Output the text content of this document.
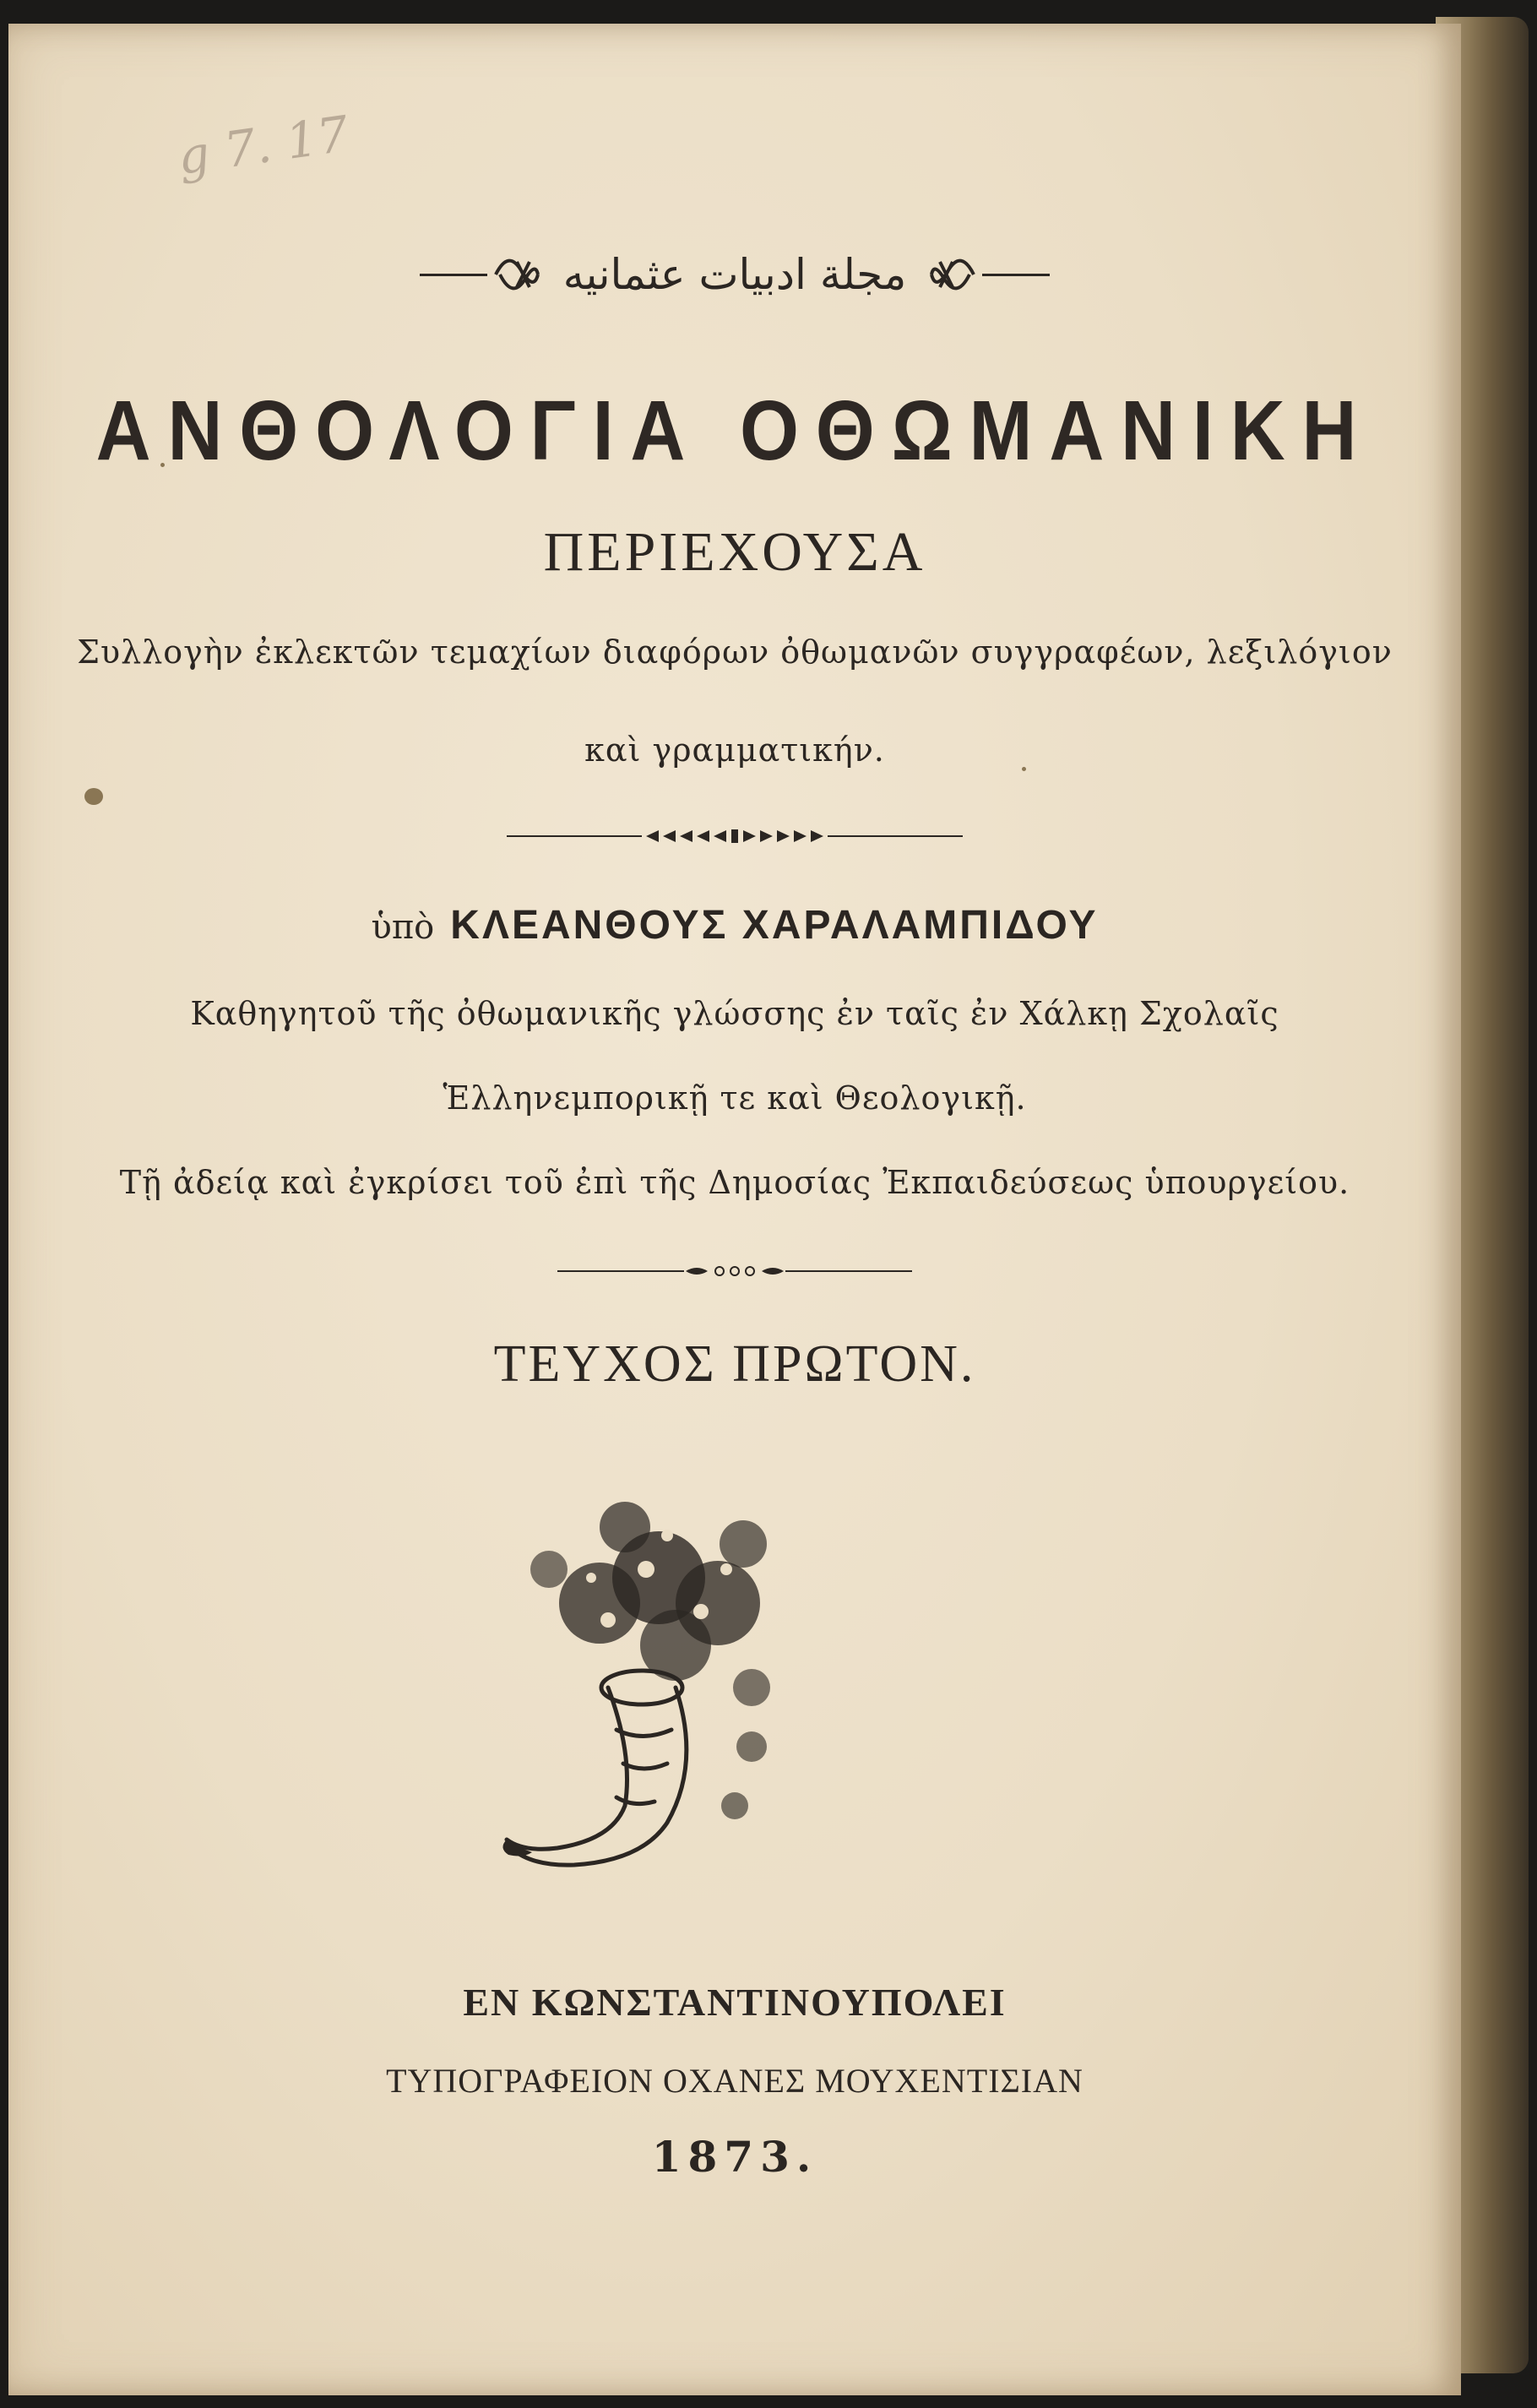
g 7. 17
مجلة ادبيات عثمانيه
ΑΝΘΟΛΟΓΙΑ ΟΘΩΜΑΝΙΚΗ
ΠΕΡΙΕΧΟΥΣΑ
Συλλογὴν ἐκλεκτῶν τεμαχίων διαφόρων ὀθωμανῶν συγγραφέων, λεξιλόγιον
καὶ γραμματικήν.
ὑπὸ ΚΛΕΑΝΘΟΥΣ ΧΑΡΑΛΑΜΠΙΔΟΥ
Καθηγητοῦ τῆς ὀθωμανικῆς γλώσσης ἐν ταῖς ἐν Χάλκῃ Σχολαῖς
Ἑλληνεμπορικῇ τε καὶ Θεολογικῇ.
Τῇ ἀδείᾳ καὶ ἐγκρίσει τοῦ ἐπὶ τῆς Δημοσίας Ἐκπαιδεύσεως ὑπουργείου.
ΤΕΥΧΟΣ ΠΡΩΤΟΝ.
ΕΝ ΚΩΝΣΤΑΝΤΙΝΟΥΠΟΛΕΙ
ΤΥΠΟΓΡΑΦΕΙΟΝ ΟΧΑΝΕΣ ΜΟΥΧΕΝΤΙΣΙΑΝ
1873.
